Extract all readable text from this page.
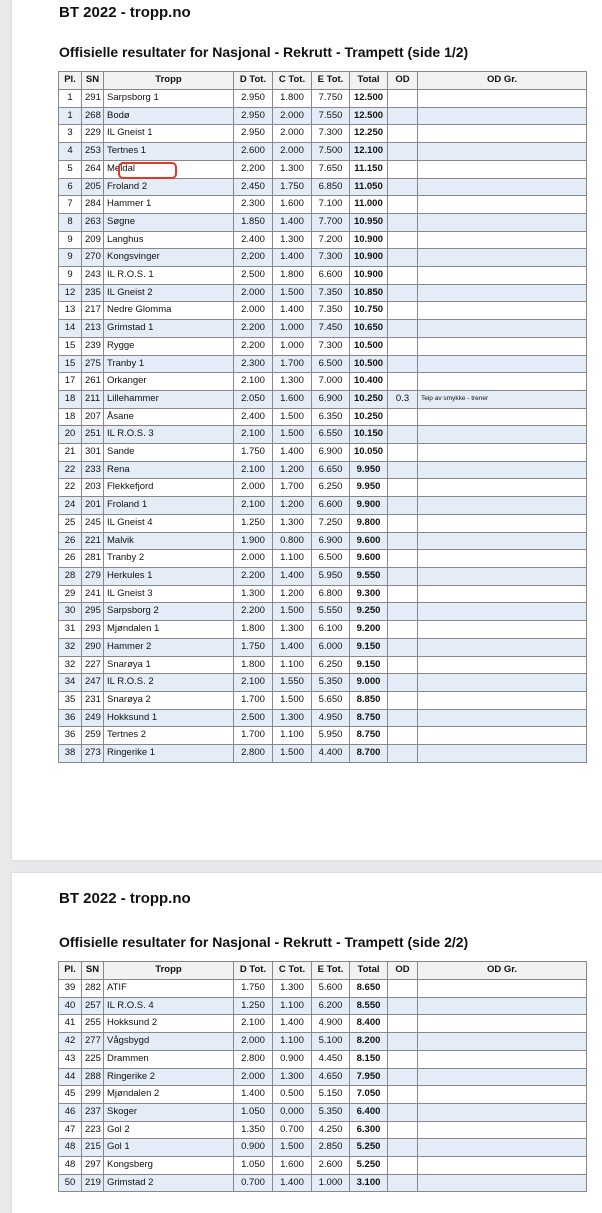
BT 2022 - tropp.no
Offisielle resultater for Nasjonal - Rekrutt - Trampett (side 1/2)
Pl.	SN	Tropp	D Tot.	C Tot.	E Tot.	Total	OD	OD Gr.
1	291	Sarpsborg 1	2.950	1.800	7.750	12.500		
1	268	Bodø	2.950	2.000	7.550	12.500		
3	229	IL Gneist 1	2.950	2.000	7.300	12.250		
4	253	Tertnes 1	2.600	2.000	7.500	12.100		
5	264	Meldal	2.200	1.300	7.650	11.150		
6	205	Froland 2	2.450	1.750	6.850	11.050		
7	284	Hammer 1	2.300	1.600	7.100	11.000		
8	263	Søgne	1.850	1.400	7.700	10.950		
9	209	Langhus	2.400	1.300	7.200	10.900		
9	270	Kongsvinger	2.200	1.400	7.300	10.900		
9	243	IL R.O.S. 1	2.500	1.800	6.600	10.900		
12	235	IL Gneist 2	2.000	1.500	7.350	10.850		
13	217	Nedre Glomma	2.000	1.400	7.350	10.750		
14	213	Grimstad 1	2.200	1.000	7.450	10.650		
15	239	Rygge	2.200	1.000	7.300	10.500		
15	275	Tranby 1	2.300	1.700	6.500	10.500		
17	261	Orkanger	2.100	1.300	7.000	10.400		
18	211	Lillehammer	2.050	1.600	6.900	10.250	0.3	Teip av smykke - trener
18	207	Åsane	2.400	1.500	6.350	10.250		
20	251	IL R.O.S. 3	2.100	1.500	6.550	10.150		
21	301	Sande	1.750	1.400	6.900	10.050		
22	233	Rena	2.100	1.200	6.650	9.950		
22	203	Flekkefjord	2.000	1.700	6.250	9.950		
24	201	Froland 1	2.100	1.200	6.600	9.900		
25	245	IL Gneist 4	1.250	1.300	7.250	9.800		
26	221	Malvik	1.900	0.800	6.900	9.600		
26	281	Tranby 2	2.000	1.100	6.500	9.600		
28	279	Herkules 1	2.200	1.400	5.950	9.550		
29	241	IL Gneist 3	1.300	1.200	6.800	9.300		
30	295	Sarpsborg 2	2.200	1.500	5.550	9.250		
31	293	Mjøndalen 1	1.800	1.300	6.100	9.200		
32	290	Hammer 2	1.750	1.400	6.000	9.150		
32	227	Snarøya 1	1.800	1.100	6.250	9.150		
34	247	IL R.O.S. 2	2.100	1.550	5.350	9.000		
35	231	Snarøya 2	1.700	1.500	5.650	8.850		
36	249	Hokksund 1	2.500	1.300	4.950	8.750		
36	259	Tertnes 2	1.700	1.100	5.950	8.750		
38	273	Ringerike 1	2.800	1.500	4.400	8.700		
BT 2022 - tropp.no
Offisielle resultater for Nasjonal - Rekrutt - Trampett (side 2/2)
Pl.	SN	Tropp	D Tot.	C Tot.	E Tot.	Total	OD	OD Gr.
39	282	ATIF	1.750	1.300	5.600	8.650		
40	257	IL R.O.S. 4	1.250	1.100	6.200	8.550		
41	255	Hokksund 2	2.100	1.400	4.900	8.400		
42	277	Vågsbygd	2.000	1.100	5.100	8.200		
43	225	Drammen	2.800	0.900	4.450	8.150		
44	288	Ringerike 2	2.000	1.300	4.650	7.950		
45	299	Mjøndalen 2	1.400	0.500	5.150	7.050		
46	237	Skoger	1.050	0.000	5.350	6.400		
47	223	Gol 2	1.350	0.700	4.250	6.300		
48	215	Gol 1	0.900	1.500	2.850	5.250		
48	297	Kongsberg	1.050	1.600	2.600	5.250		
50	219	Grimstad 2	0.700	1.400	1.000	3.100		
